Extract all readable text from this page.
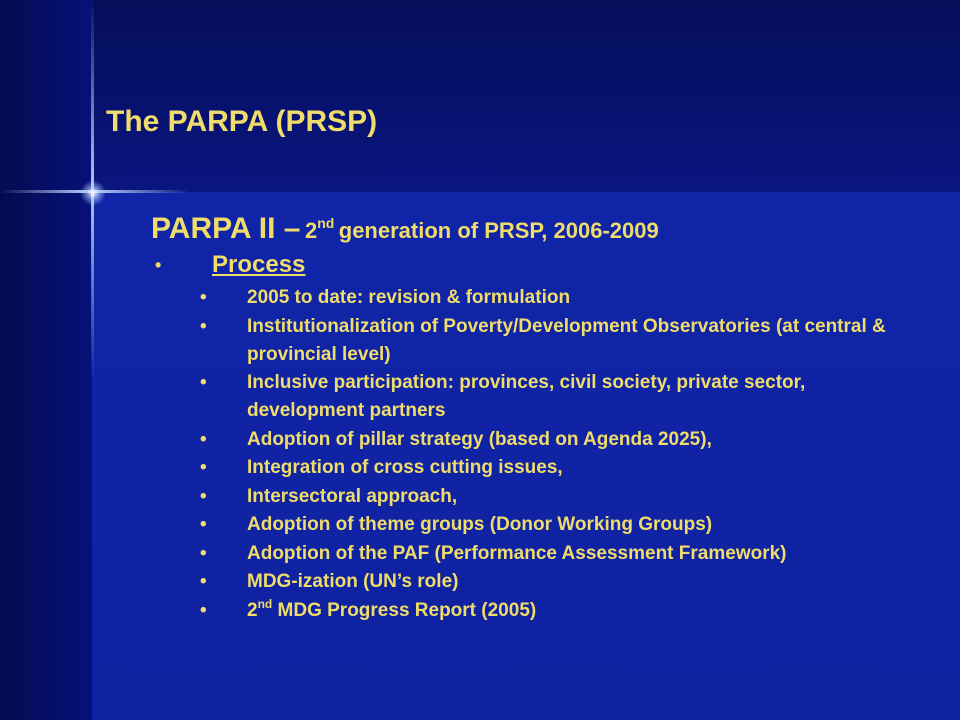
The PARPA (PRSP)
PARPA II – 2nd generation of PRSP, 2006-2009
• Process
• 2005 to date: revision & formulation
• Institutionalization of Poverty/Development Observatories (at central & provincial level)
• Inclusive participation: provinces, civil society, private sector, development partners
• Adoption of pillar strategy (based on Agenda 2025),
• Integration of cross cutting issues,
• Intersectoral approach,
• Adoption of theme groups (Donor Working Groups)
• Adoption of the PAF (Performance Assessment Framework)
• MDG-ization (UN’s role)
• 2nd MDG Progress Report (2005)
